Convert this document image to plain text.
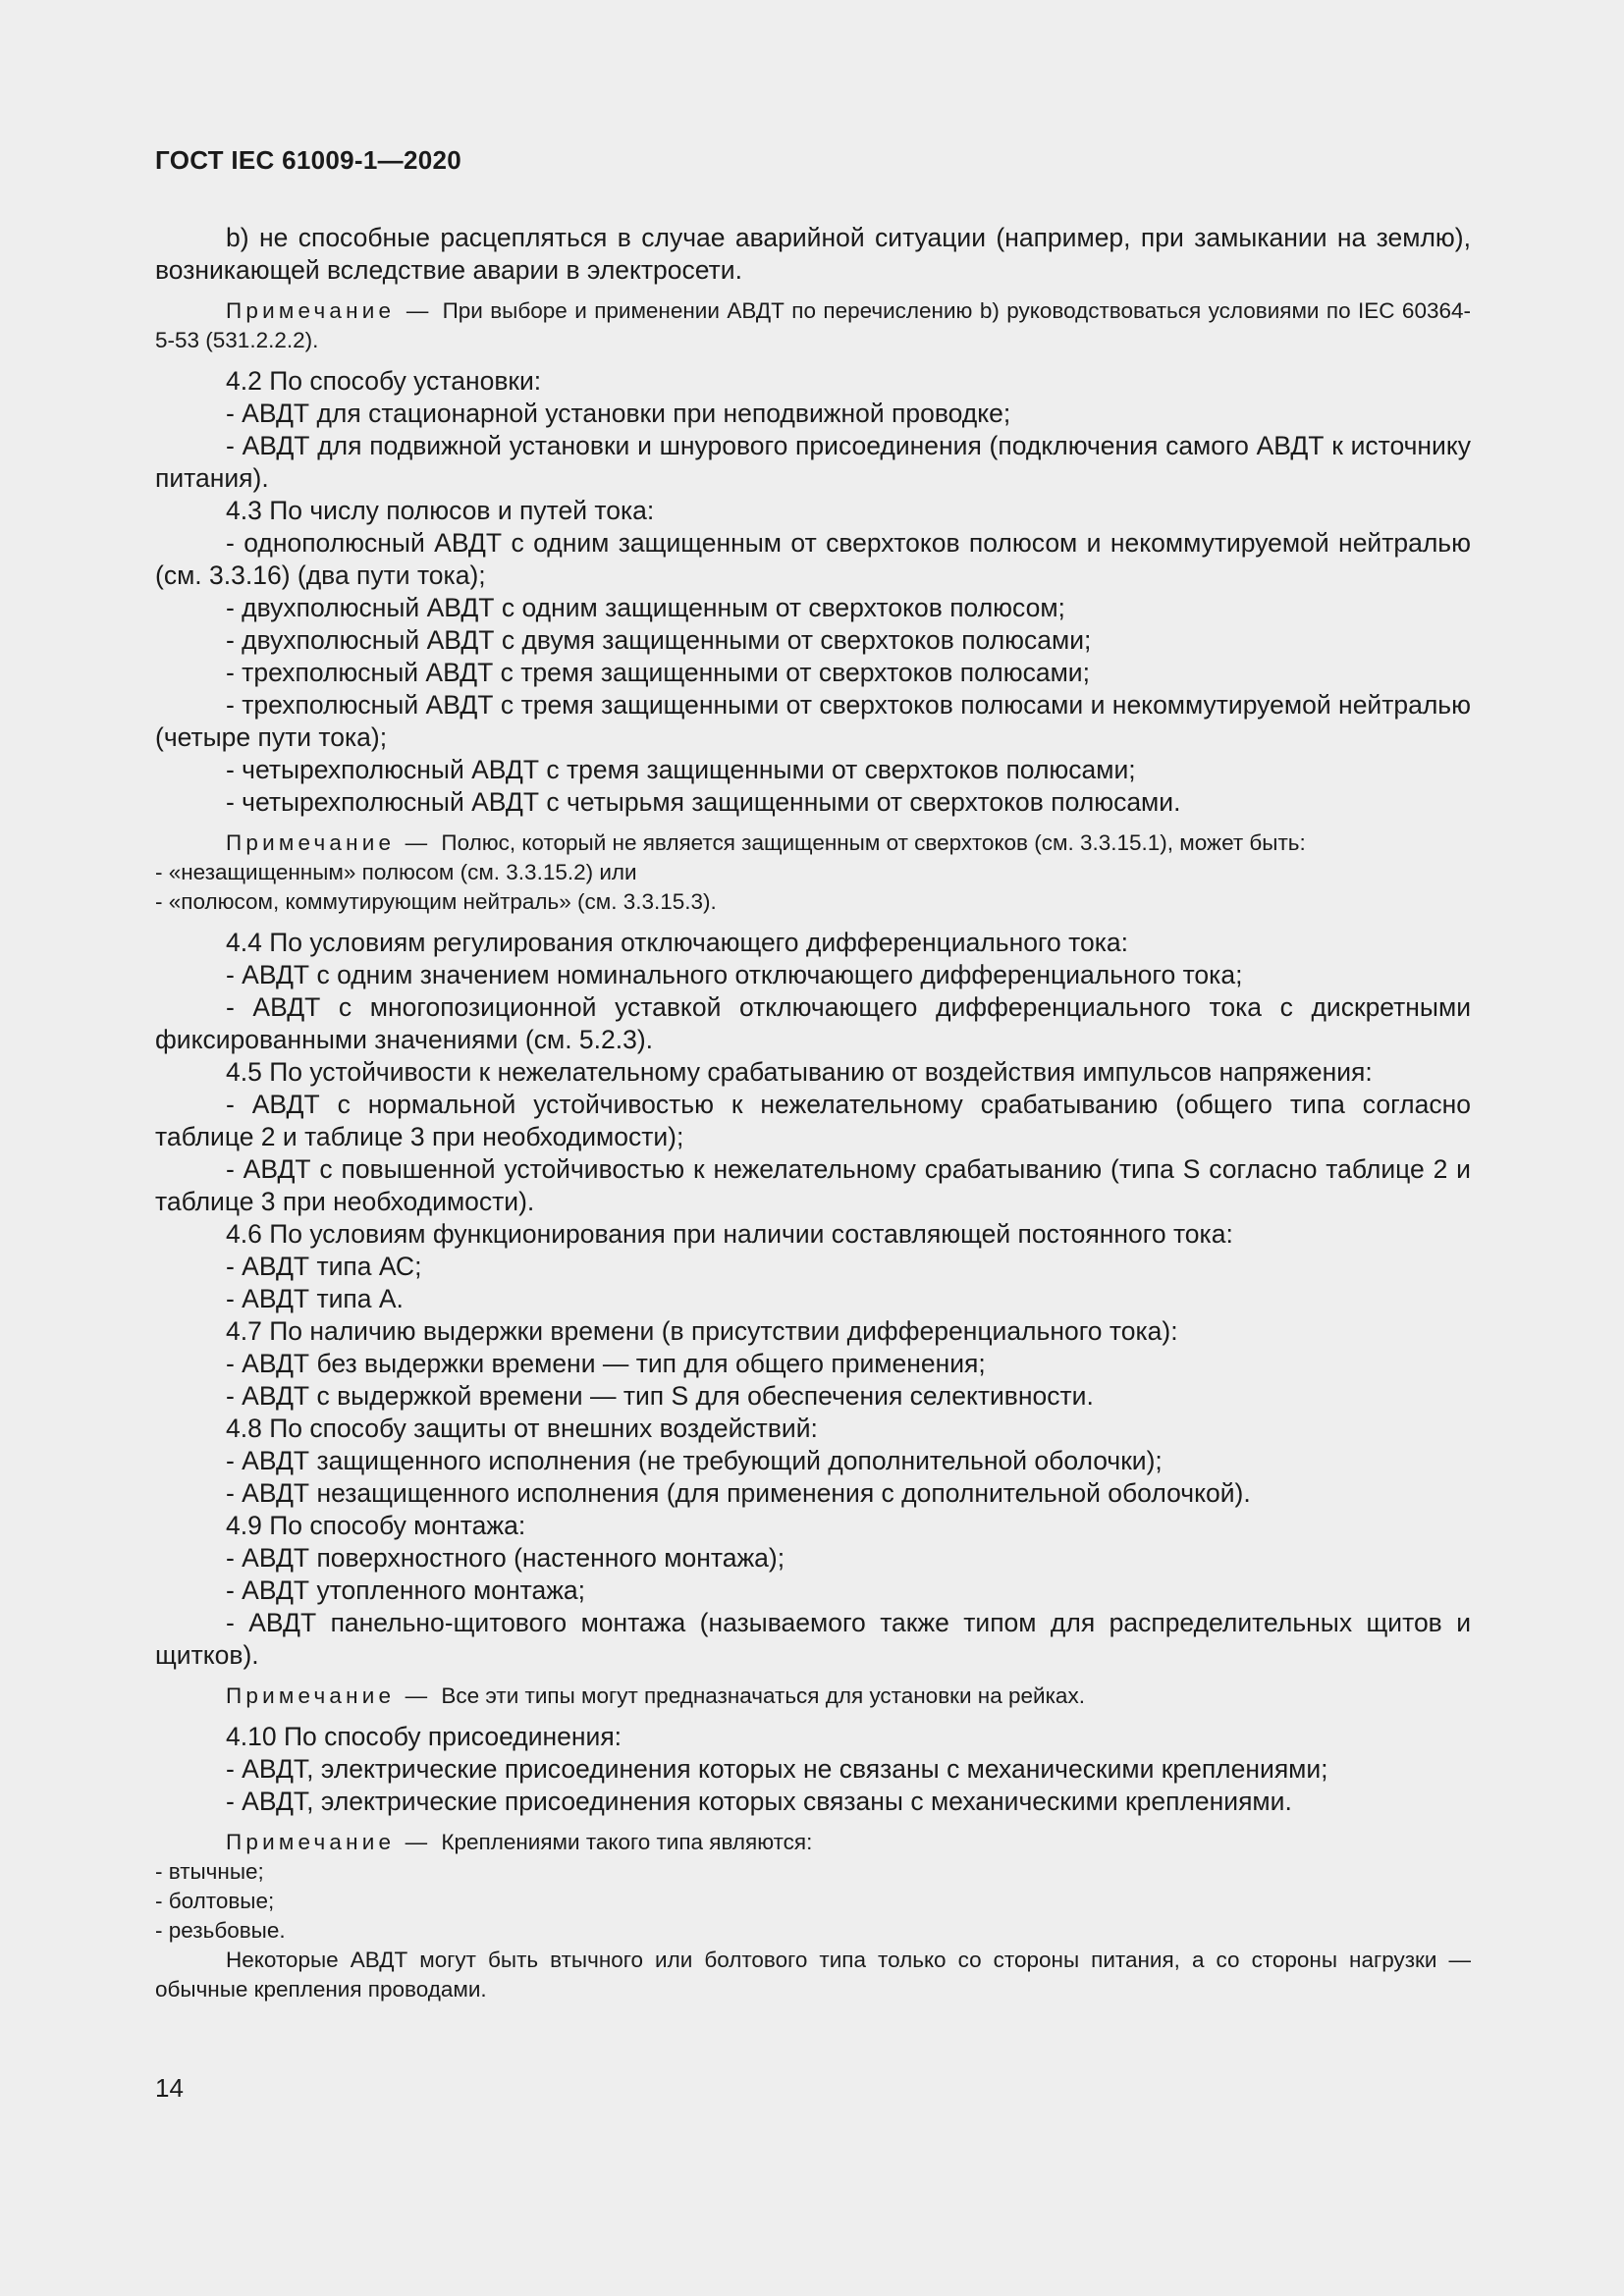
ГОСТ IEC 61009-1—2020

b) не способные расцепляться в случае аварийной ситуации (например, при замыкании на землю), возникающей вследствие аварии в электросети.

Примечание — При выборе и применении АВДТ по перечислению b) руководствоваться условиями по IEC 60364-5-53 (531.2.2.2).

4.2 По способу установки:

- АВДТ для стационарной установки при неподвижной проводке;

- АВДТ для подвижной установки и шнурового присоединения (подключения самого АВДТ к источнику питания).

4.3 По числу полюсов и путей тока:

- однополюсный АВДТ с одним защищенным от сверхтоков полюсом и некоммутируемой нейтралью (см. 3.3.16) (два пути тока);

- двухполюсный АВДТ с одним защищенным от сверхтоков полюсом;

- двухполюсный АВДТ с двумя защищенными от сверхтоков полюсами;

- трехполюсный АВДТ с тремя защищенными от сверхтоков полюсами;

- трехполюсный АВДТ с тремя защищенными от сверхтоков полюсами и некоммутируемой нейтралью (четыре пути тока);

- четырехполюсный АВДТ с тремя защищенными от сверхтоков полюсами;

- четырехполюсный АВДТ с четырьмя защищенными от сверхтоков полюсами.

Примечание — Полюс, который не является защищенным от сверхтоков (см. 3.3.15.1), может быть:

- «незащищенным» полюсом (см. 3.3.15.2) или

- «полюсом, коммутирующим нейтраль» (см. 3.3.15.3).

4.4 По условиям регулирования отключающего дифференциального тока:

- АВДТ с одним значением номинального отключающего дифференциального тока;

- АВДТ с многопозиционной уставкой отключающего дифференциального тока с дискретными фиксированными значениями (см. 5.2.3).

4.5 По устойчивости к нежелательному срабатыванию от воздействия импульсов напряжения:

- АВДТ с нормальной устойчивостью к нежелательному срабатыванию (общего типа согласно таблице 2 и таблице 3 при необходимости);

- АВДТ с повышенной устойчивостью к нежелательному срабатыванию (типа S согласно таблице 2 и таблице 3 при необходимости).

4.6 По условиям функционирования при наличии составляющей постоянного тока:

- АВДТ типа АС;

- АВДТ типа А.

4.7 По наличию выдержки времени (в присутствии дифференциального тока):

- АВДТ без выдержки времени — тип для общего применения;

- АВДТ с выдержкой времени — тип S для обеспечения селективности.

4.8 По способу защиты от внешних воздействий:

- АВДТ защищенного исполнения (не требующий дополнительной оболочки);

- АВДТ незащищенного исполнения (для применения с дополнительной оболочкой).

4.9 По способу монтажа:

- АВДТ поверхностного (настенного монтажа);

- АВДТ утопленного монтажа;

- АВДТ панельно-щитового монтажа (называемого также типом для распределительных щитов и щитков).

Примечание — Все эти типы могут предназначаться для установки на рейках.

4.10 По способу присоединения:

- АВДТ, электрические присоединения которых не связаны с механическими креплениями;

- АВДТ, электрические присоединения которых связаны с механическими креплениями.

Примечание — Креплениями такого типа являются:

- втычные;

- болтовые;

- резьбовые.

Некоторые АВДТ могут быть втычного или болтового типа только со стороны питания, а со стороны нагрузки — обычные крепления проводами.

14
